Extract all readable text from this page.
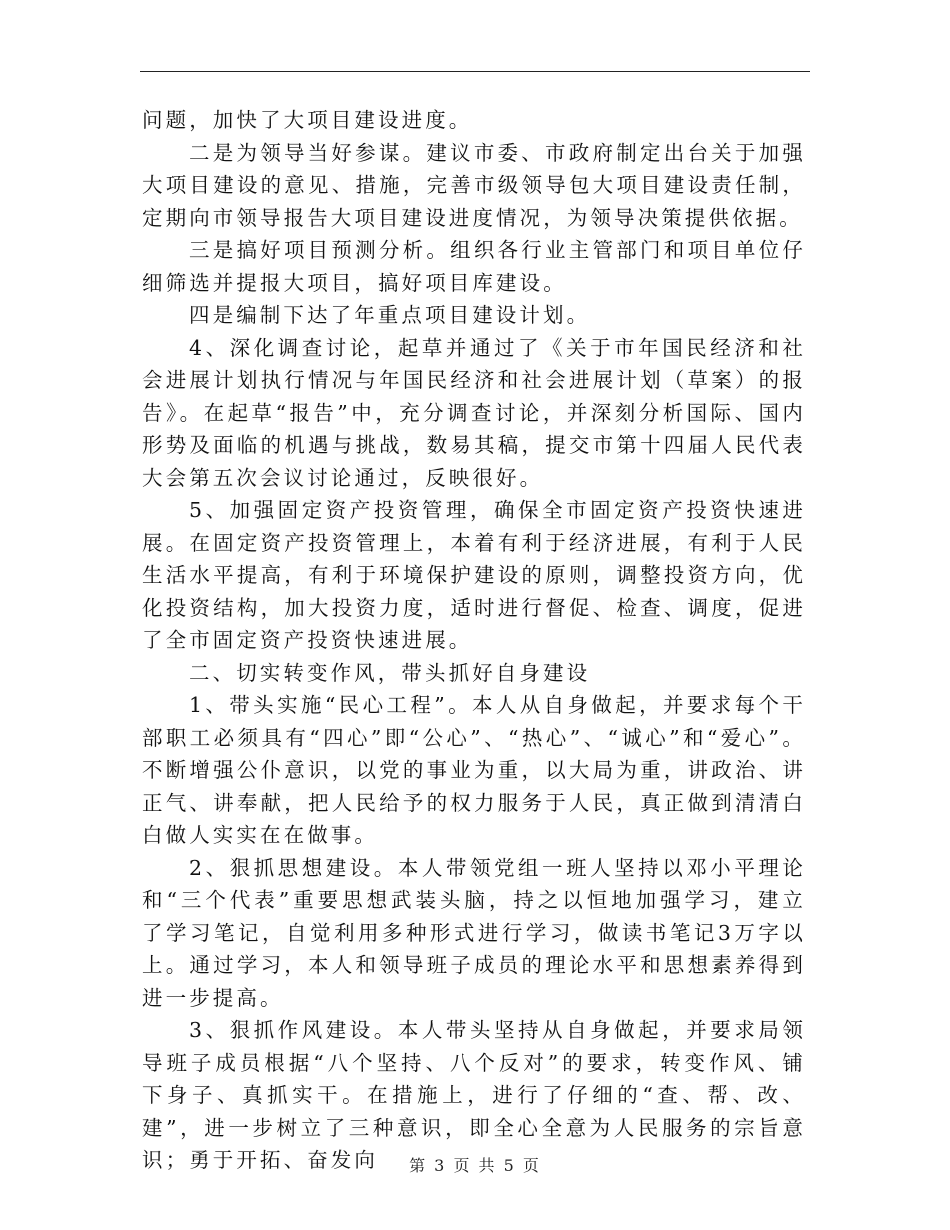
问题，加快了大项目建设进度。

二是为领导当好参谋。建议市委、市政府制定出台关于加强大项目建设的意见、措施，完善市级领导包大项目建设责任制，定期向市领导报告大项目建设进度情况，为领导决策提供依据。

三是搞好项目预测分析。组织各行业主管部门和项目单位仔细筛选并提报大项目，搞好项目库建设。

四是编制下达了年重点项目建设计划。

4、深化调查讨论，起草并通过了《关于市年国民经济和社会进展计划执行情况与年国民经济和社会进展计划（草案）的报告》。在起草“报告”中，充分调查讨论，并深刻分析国际、国内形势及面临的机遇与挑战，数易其稿，提交市第十四届人民代表大会第五次会议讨论通过，反映很好。

5、加强固定资产投资管理，确保全市固定资产投资快速进展。在固定资产投资管理上，本着有利于经济进展，有利于人民生活水平提高，有利于环境保护建设的原则，调整投资方向，优化投资结构，加大投资力度，适时进行督促、检查、调度，促进了全市固定资产投资快速进展。

二、切实转变作风，带头抓好自身建设

1、带头实施“民心工程”。本人从自身做起，并要求每个干部职工必须具有“四心”即“公心”、“热心”、“诚心”和“爱心”。不断增强公仆意识，以党的事业为重，以大局为重，讲政治、讲正气、讲奉献，把人民给予的权力服务于人民，真正做到清清白白做人实实在在做事。

2、狠抓思想建设。本人带领党组一班人坚持以邓小平理论和“三个代表”重要思想武装头脑，持之以恒地加强学习，建立了学习笔记，自觉利用多种形式进行学习，做读书笔记3万字以上。通过学习，本人和领导班子成员的理论水平和思想素养得到进一步提高。

3、狠抓作风建设。本人带头坚持从自身做起，并要求局领导班子成员根据“八个坚持、八个反对”的要求，转变作风、铺下身子、真抓实干。在措施上，进行了仔细的“查、帮、改、建”，进一步树立了三种意识，即全心全意为人民服务的宗旨意识；勇于开拓、奋发向	第 3 页 共 5 页
